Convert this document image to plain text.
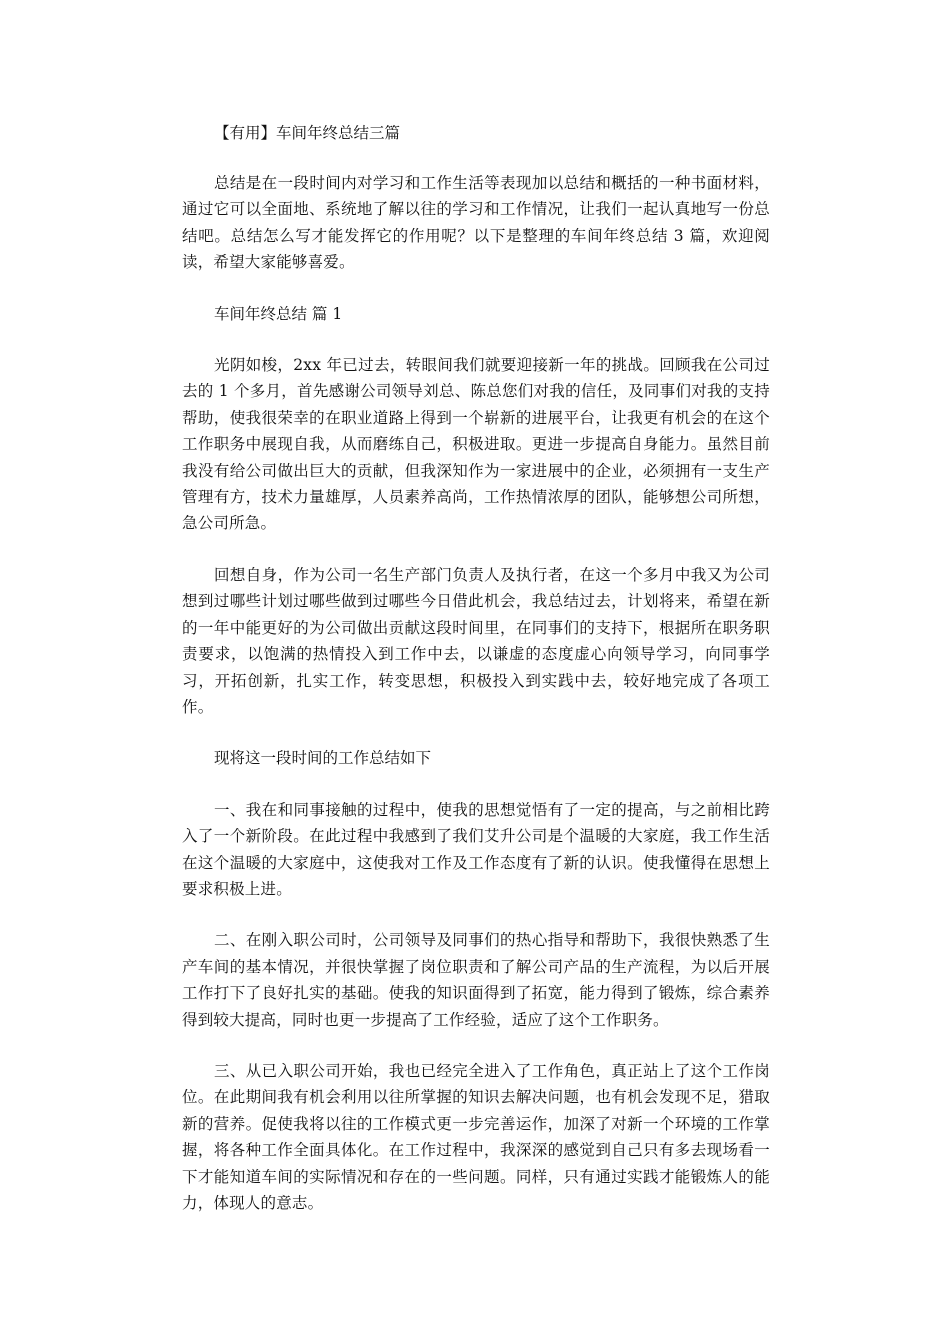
【有用】车间年终总结三篇

总结是在一段时间内对学习和工作生活等表现加以总结和概括的一种书面材料，通过它可以全面地、系统地了解以往的学习和工作情况，让我们一起认真地写一份总结吧。总结怎么写才能发挥它的作用呢？以下是整理的车间年终总结 3 篇，欢迎阅读，希望大家能够喜爱。

车间年终总结 篇 1

光阴如梭，2xx 年已过去，转眼间我们就要迎接新一年的挑战。回顾我在公司过去的 1 个多月，首先感谢公司领导刘总、陈总您们对我的信任，及同事们对我的支持帮助，使我很荣幸的在职业道路上得到一个崭新的进展平台，让我更有机会的在这个工作职务中展现自我，从而磨练自己，积极进取。更进一步提高自身能力。虽然目前我没有给公司做出巨大的贡献，但我深知作为一家进展中的企业，必须拥有一支生产管理有方，技术力量雄厚，人员素养高尚，工作热情浓厚的团队，能够想公司所想，急公司所急。

回想自身，作为公司一名生产部门负责人及执行者，在这一个多月中我又为公司想到过哪些计划过哪些做到过哪些今日借此机会，我总结过去，计划将来，希望在新的一年中能更好的为公司做出贡献这段时间里，在同事们的支持下，根据所在职务职责要求，以饱满的热情投入到工作中去，以谦虚的态度虚心向领导学习，向同事学习，开拓创新，扎实工作，转变思想，积极投入到实践中去，较好地完成了各项工作。

现将这一段时间的工作总结如下

一、我在和同事接触的过程中，使我的思想觉悟有了一定的提高，与之前相比跨入了一个新阶段。在此过程中我感到了我们艾升公司是个温暖的大家庭，我工作生活在这个温暖的大家庭中，这使我对工作及工作态度有了新的认识。使我懂得在思想上要求积极上进。

二、在刚入职公司时，公司领导及同事们的热心指导和帮助下，我很快熟悉了生产车间的基本情况，并很快掌握了岗位职责和了解公司产品的生产流程，为以后开展工作打下了良好扎实的基础。使我的知识面得到了拓宽，能力得到了锻炼，综合素养得到较大提高，同时也更一步提高了工作经验，适应了这个工作职务。

三、从已入职公司开始，我也已经完全进入了工作角色，真正站上了这个工作岗位。在此期间我有机会利用以往所掌握的知识去解决问题，也有机会发现不足，猎取新的营养。促使我将以往的工作模式更一步完善运作，加深了对新一个环境的工作掌握，将各种工作全面具体化。在工作过程中，我深深的感觉到自己只有多去现场看一下才能知道车间的实际情况和存在的一些问题。同样，只有通过实践才能锻炼人的能力，体现人的意志。
